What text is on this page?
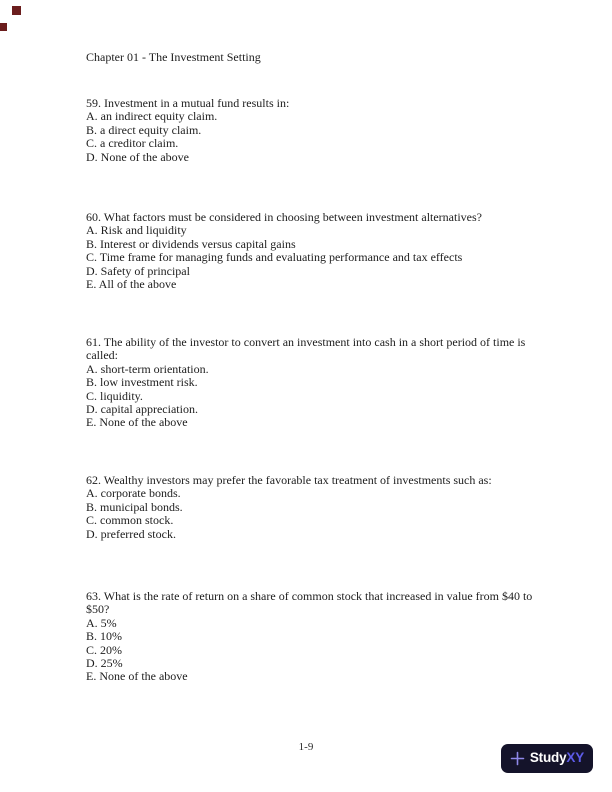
Chapter 01 - The Investment Setting
59. Investment in a mutual fund results in:
A. an indirect equity claim.
B. a direct equity claim.
C. a creditor claim.
D. None of the above
60. What factors must be considered in choosing between investment alternatives?
A. Risk and liquidity
B. Interest or dividends versus capital gains
C. Time frame for managing funds and evaluating performance and tax effects
D. Safety of principal
E. All of the above
61. The ability of the investor to convert an investment into cash in a short period of time is called:
A. short-term orientation.
B. low investment risk.
C. liquidity.
D. capital appreciation.
E. None of the above
62. Wealthy investors may prefer the favorable tax treatment of investments such as:
A. corporate bonds.
B. municipal bonds.
C. common stock.
D. preferred stock.
63. What is the rate of return on a share of common stock that increased in value from $40 to $50?
A. 5%
B. 10%
C. 20%
D. 25%
E. None of the above
1-9
StudyXY
